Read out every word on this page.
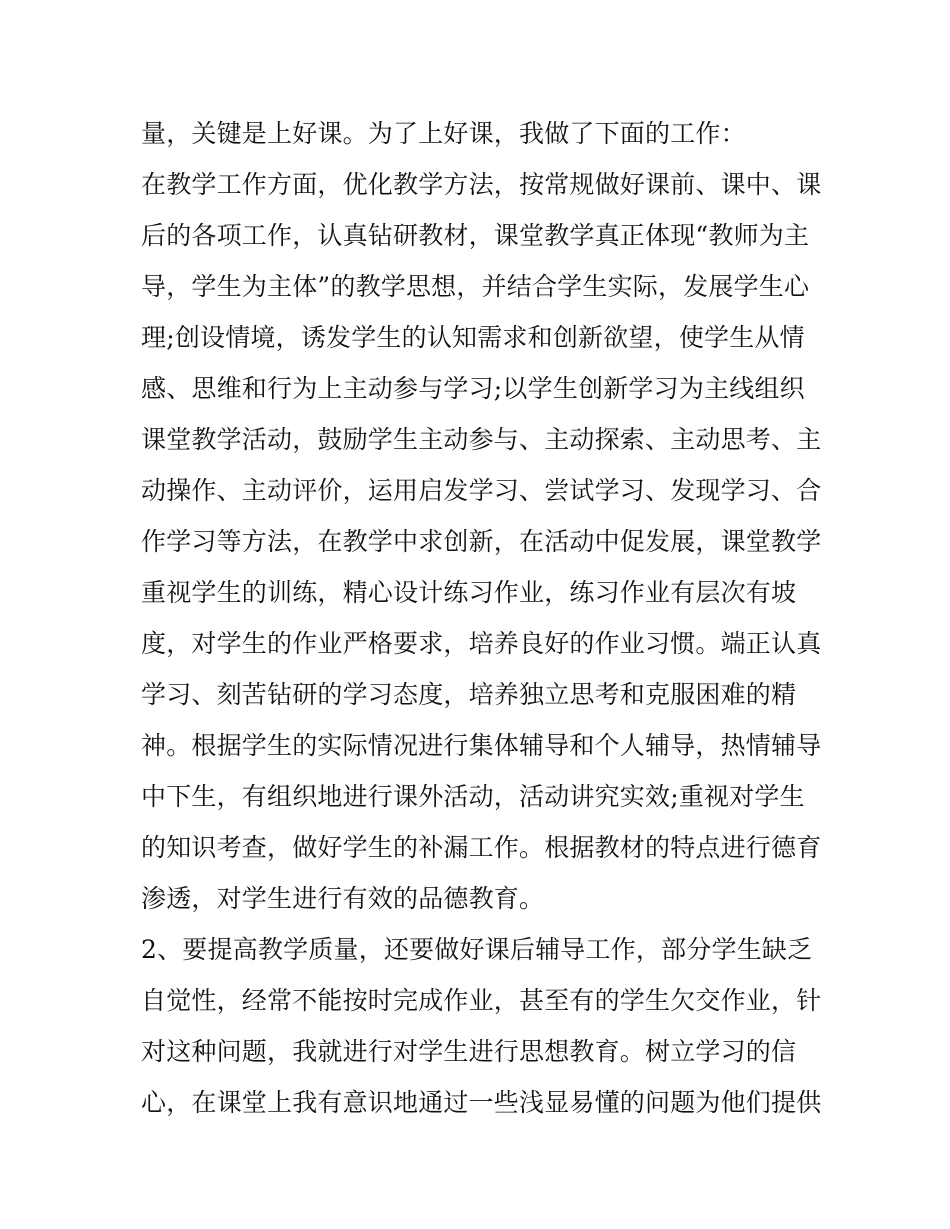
量，关键是上好课。为了上好课，我做了下面的工作：
在教学工作方面，优化教学方法，按常规做好课前、课中、课
后的各项工作，认真钻研教材，课堂教学真正体现“教师为主
导，学生为主体”的教学思想，并结合学生实际，发展学生心
理;创设情境，诱发学生的认知需求和创新欲望，使学生从情
感、思维和行为上主动参与学习;以学生创新学习为主线组织
课堂教学活动，鼓励学生主动参与、主动探索、主动思考、主
动操作、主动评价，运用启发学习、尝试学习、发现学习、合
作学习等方法，在教学中求创新，在活动中促发展，课堂教学
重视学生的训练，精心设计练习作业，练习作业有层次有坡
度，对学生的作业严格要求，培养良好的作业习惯。端正认真
学习、刻苦钻研的学习态度，培养独立思考和克服困难的精
神。根据学生的实际情况进行集体辅导和个人辅导，热情辅导
中下生，有组织地进行课外活动，活动讲究实效;重视对学生
的知识考查，做好学生的补漏工作。根据教材的特点进行德育
渗透，对学生进行有效的品德教育。
2、要提高教学质量，还要做好课后辅导工作，部分学生缺乏
自觉性，经常不能按时完成作业，甚至有的学生欠交作业，针
对这种问题，我就进行对学生进行思想教育。树立学习的信
心，在课堂上我有意识地通过一些浅显易懂的问题为他们提供
